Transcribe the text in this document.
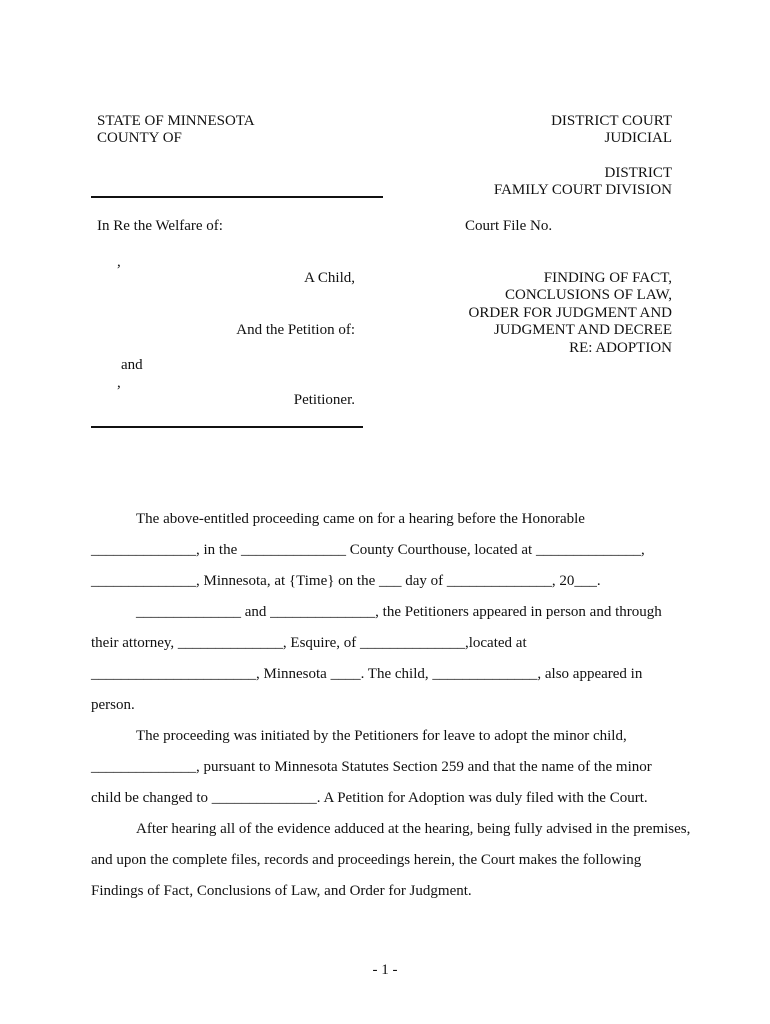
STATE OF MINNESOTA
COUNTY OF
DISTRICT COURT
JUDICIAL
DISTRICT
FAMILY COURT DIVISION
In Re the Welfare of:	Court File No.
,
A Child,
And the Petition of:
and
,
Petitioner.
FINDING OF FACT,
CONCLUSIONS OF LAW,
ORDER FOR JUDGMENT AND
JUDGMENT AND DECREE
RE: ADOPTION
The above-entitled proceeding came on for a hearing before the Honorable
______________, in the ______________ County Courthouse, located at ______________,
______________, Minnesota, at {Time} on the ___ day of ______________, 20___.
______________ and ______________, the Petitioners appeared in person and through
their attorney, ______________, Esquire, of ______________,located at
______________________, Minnesota ____. The child, ______________, also appeared in
person.
The proceeding was initiated by the Petitioners for leave to adopt the minor child,
______________, pursuant to Minnesota Statutes Section 259 and that the name of the minor
child be changed to ______________. A Petition for Adoption was duly filed with the Court.
After hearing all of the evidence adduced at the hearing, being fully advised in the premises,
and upon the complete files, records and proceedings herein, the Court makes the following
Findings of Fact, Conclusions of Law, and Order for Judgment.
- 1 -
